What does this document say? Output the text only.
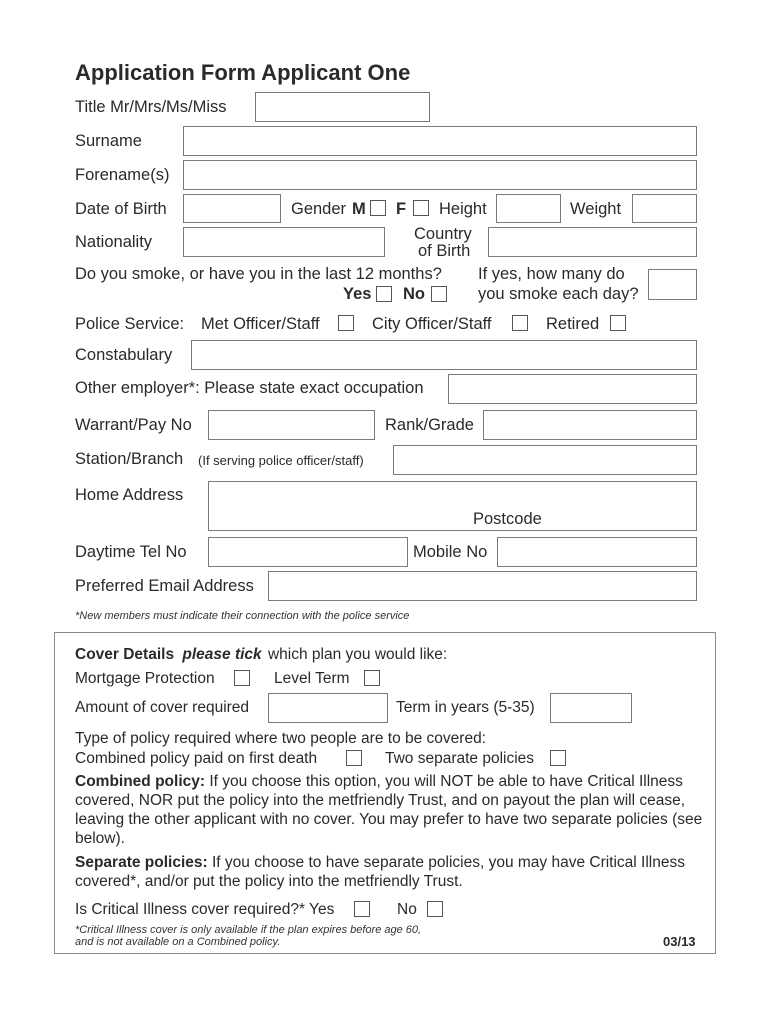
Application Form Applicant One
Title Mr/Mrs/Ms/Miss
Surname
Forename(s)
Date of Birth	Gender M F Height	Weight
Nationality	Country
of Birth
Do you smoke, or have you in the last 12 months?
Yes No
If yes, how many do
you smoke each day?
Police Service: Met Officer/Staff	City Officer/Staff	Retired
Constabulary
Other employer*: Please state exact occupation
Warrant/Pay No	Rank/Grade
Station/Branch (If serving police officer/staff)
Home Address
Postcode
Daytime Tel No	Mobile No
Preferred Email Address
*New members must indicate their connection with the police service
Cover Details please tick which plan you would like:
Mortgage Protection	Level Term
Amount of cover required	Term in years (5-35)
Type of policy required where two people are to be covered:
Combined policy paid on first death	Two separate policies
Combined policy: If you choose this option, you will NOT be able to have Critical Illness covered, NOR put the policy into the metfriendly Trust, and on payout the plan will cease, leaving the other applicant with no cover. You may prefer to have two separate policies (see below).
Separate policies: If you choose to have separate policies, you may have Critical Illness covered*, and/or put the policy into the metfriendly Trust.
Is Critical Illness cover required?* Yes	No
*Critical Illness cover is only available if the plan expires before age 60,
and is not available on a Combined policy.	03/13
